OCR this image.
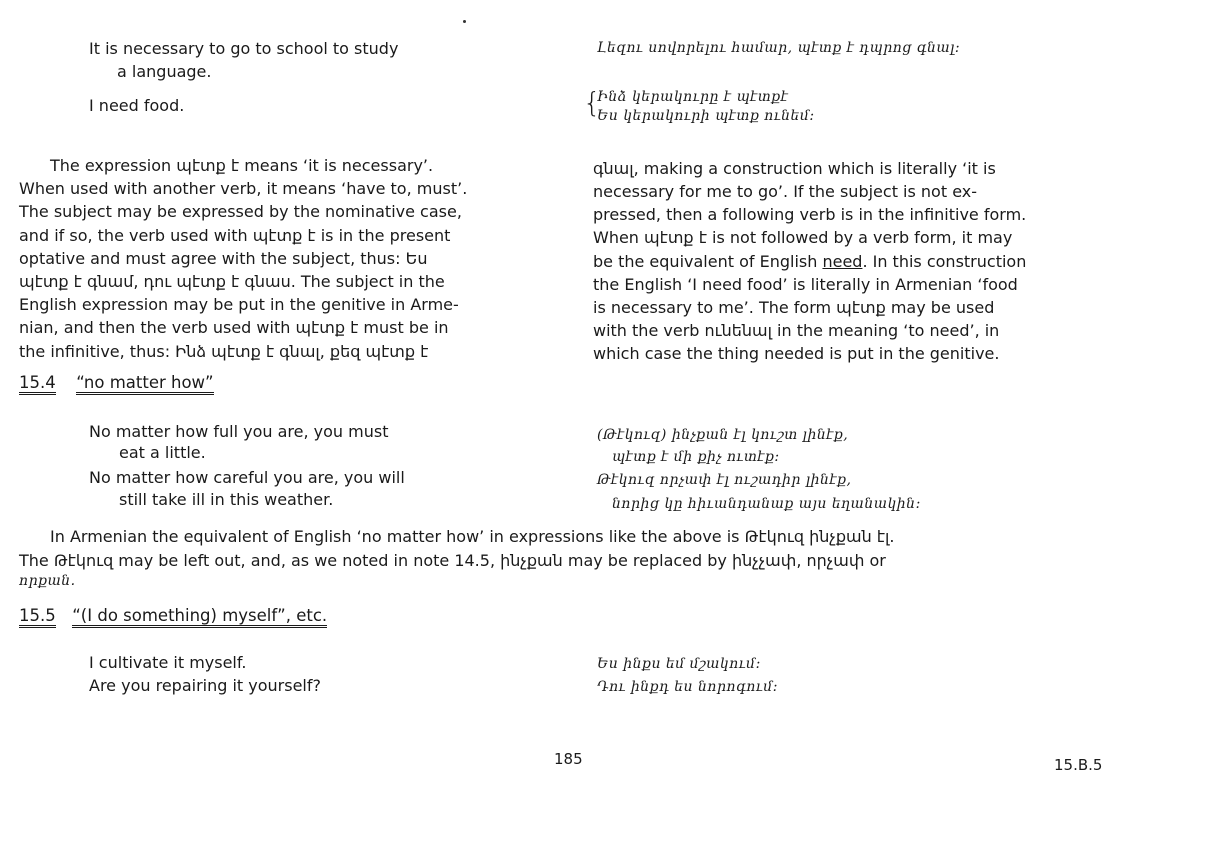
It is necessary to go to school to study
a language.
I need food.
Լեզու սովորելու համար, պէտք է դպրոց գնալ:
{
Ինձ կերակուրը է պէտքէ
Ես կերակուրի պէտք ունեմ:
The expression պէտք է means ‘it is necessary’.
When used with another verb, it means ‘have to, must’.
The subject may be expressed by the nominative case,
and if so, the verb used with պէտք է is in the present
optative and must agree with the subject, thus: Ես
պէտք է գնամ, դու պէտք է գնաս. The subject in the
English expression may be put in the genitive in Arme-
nian, and then the verb used with պէտք է must be in
the infinitive, thus: Ինձ պէտք է գնալ, քեզ պէտք է
գնալ, making a construction which is literally ‘it is
necessary for me to go’. If the subject is not ex-
pressed, then a following verb is in the infinitive form.
When պէտք է is not followed by a verb form, it may
be the equivalent of English need. In this construction
the English ‘I need food’ is literally in Armenian ‘food
is necessary to me’. The form պէտք may be used
with the verb ունենալ in the meaning ‘to need’, in
which case the thing needed is put in the genitive.
15.4 “no matter how”
No matter how full you are, you must
eat a little.
No matter how careful you are, you will
still take ill in this weather.
(Թէկուզ) ինչքան էլ կուշտ լինէք,
պէտք է մի քիչ ուտէք:
Թէկուզ որչափ էլ ուշադիր լինէք,
նորից կը հիւանդանաք այս եղանակին:
In Armenian the equivalent of English ‘no matter how’ in expressions like the above is Թէկուզ ինչքան էլ.
The Թէկուզ may be left out, and, as we noted in note 14.5, ինչքան may be replaced by ինչչափ, որչափ or
որքան.
15.5 “(I do something) myself”, etc.
I cultivate it myself.
Are you repairing it yourself?
Ես ինքս եմ մշակում:
Դու ինքդ ես նորոգում:
185	15.B.5
